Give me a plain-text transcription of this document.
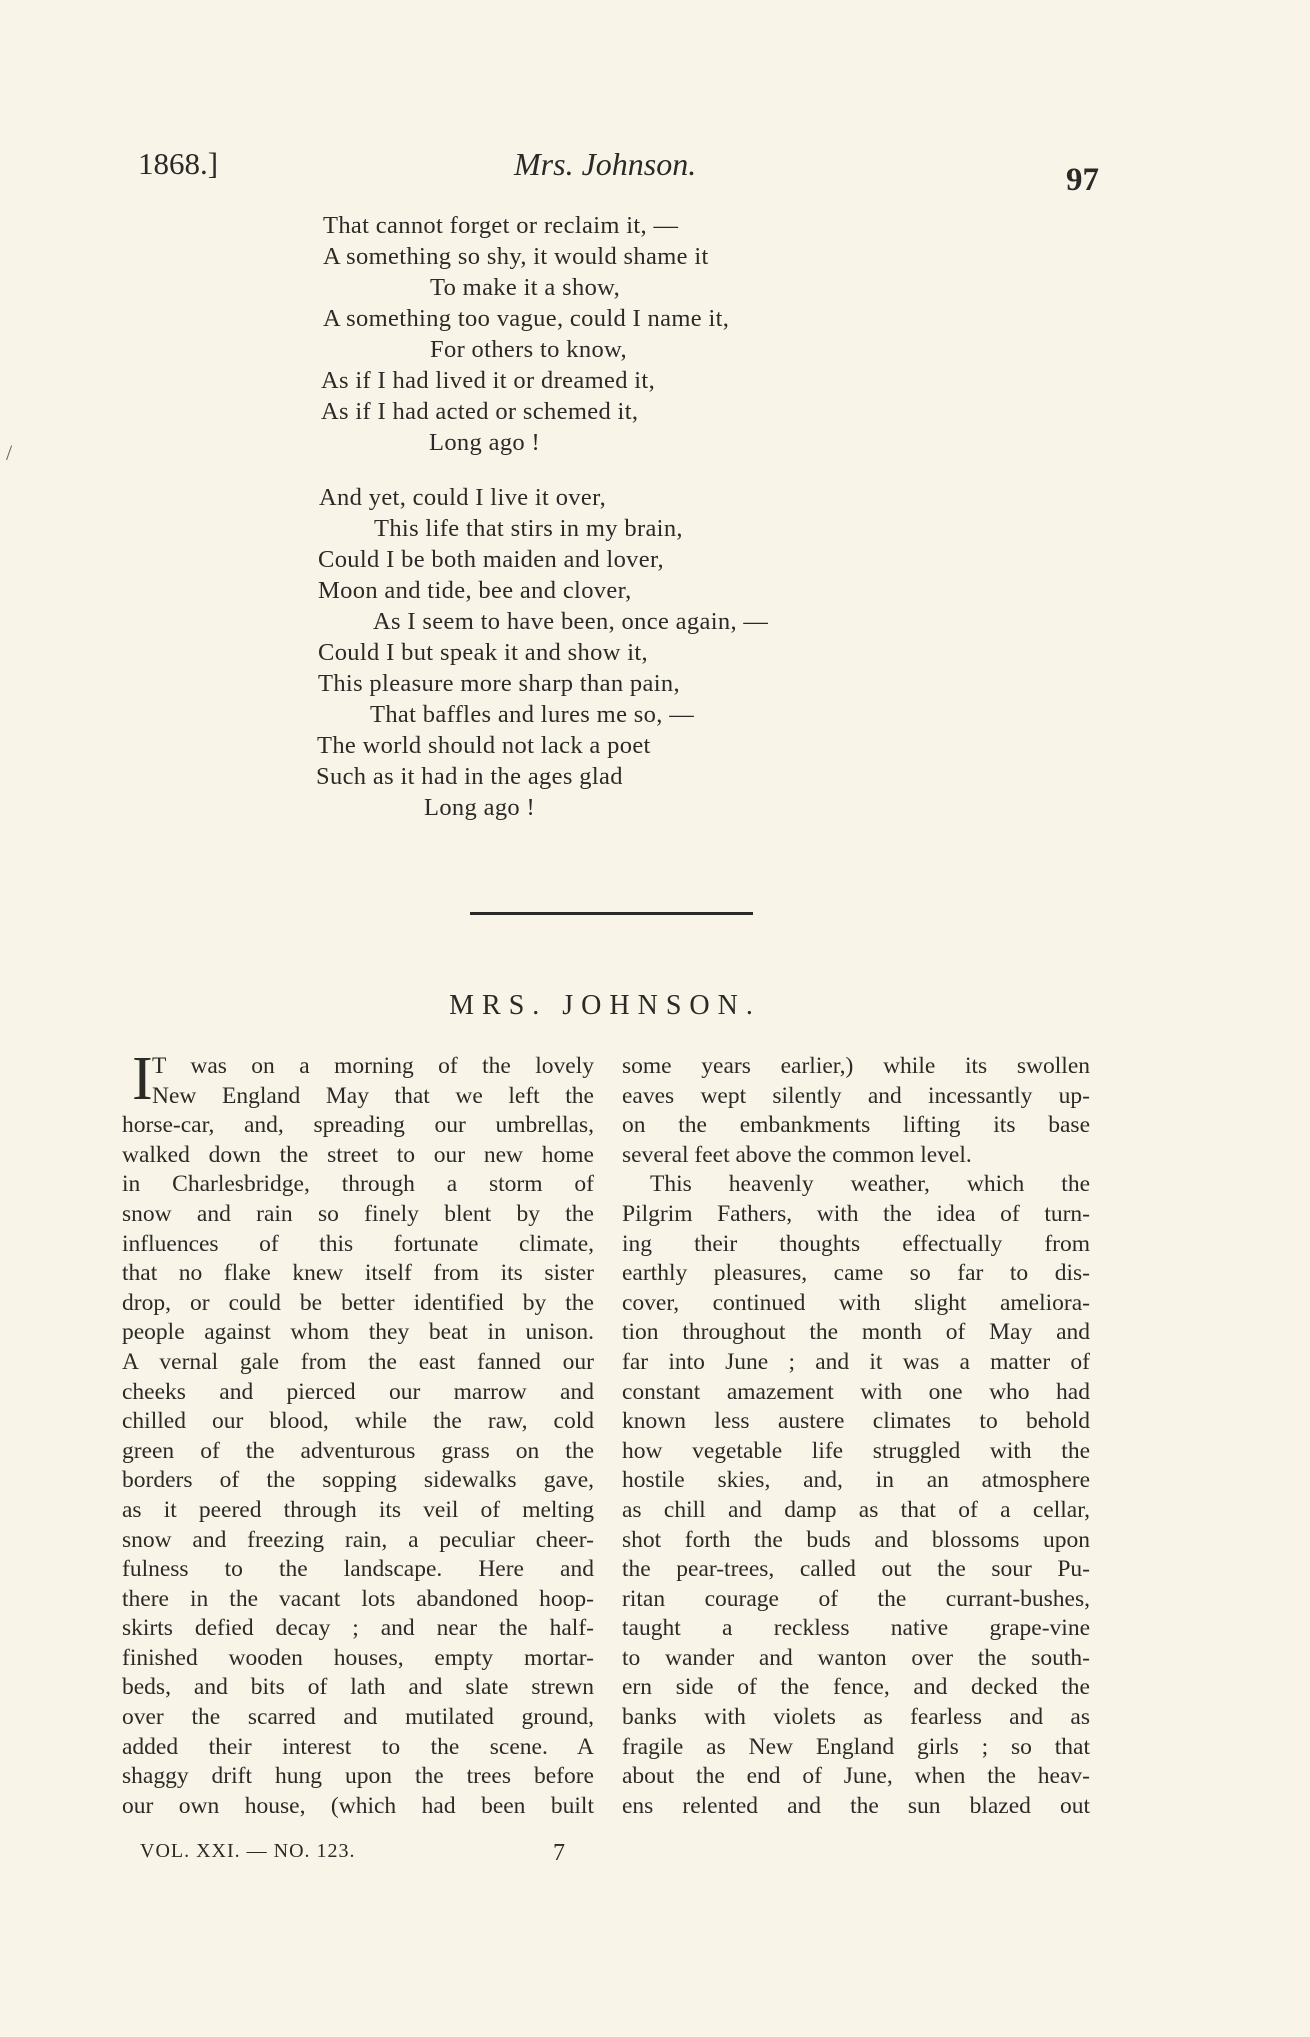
1868.]	Mrs. Johnson.	97
/
That cannot forget or reclaim it, —
A something so shy, it would shame it
To make it a show,
A something too vague, could I name it,
For others to know,
As if I had lived it or dreamed it,
As if I had acted or schemed it,
Long ago !
And yet, could I live it over,
This life that stirs in my brain,
Could I be both maiden and lover,
Moon and tide, bee and clover,
As I seem to have been, once again, —
Could I but speak it and show it,
This pleasure more sharp than pain,
That baffles and lures me so, —
The world should not lack a poet
Such as it had in the ages glad
Long ago !
MRS. JOHNSON.
I T was on a morning of the lovely
New England May that we left the
horse-car, and, spreading our umbrellas,
walked down the street to our new home
in Charlesbridge, through a storm of
snow and rain so finely blent by the
influences of this fortunate climate,
that no flake knew itself from its sister
drop, or could be better identified by the
people against whom they beat in unison.
A vernal gale from the east fanned our
cheeks and pierced our marrow and
chilled our blood, while the raw, cold
green of the adventurous grass on the
borders of the sopping sidewalks gave,
as it peered through its veil of melting
snow and freezing rain, a peculiar cheer-
fulness to the landscape. Here and
there in the vacant lots abandoned hoop-
skirts defied decay ; and near the half-
finished wooden houses, empty mortar-
beds, and bits of lath and slate strewn
over the scarred and mutilated ground,
added their interest to the scene. A
shaggy drift hung upon the trees before
our own house, (which had been built
some years earlier,) while its swollen
eaves wept silently and incessantly up-
on the embankments lifting its base
several feet above the common level.
This heavenly weather, which the
Pilgrim Fathers, with the idea of turn-
ing their thoughts effectually from
earthly pleasures, came so far to dis-
cover, continued with slight ameliora-
tion throughout the month of May and
far into June ; and it was a matter of
constant amazement with one who had
known less austere climates to behold
how vegetable life struggled with the
hostile skies, and, in an atmosphere
as chill and damp as that of a cellar,
shot forth the buds and blossoms upon
the pear-trees, called out the sour Pu-
ritan courage of the currant-bushes,
taught a reckless native grape-vine
to wander and wanton over the south-
ern side of the fence, and decked the
banks with violets as fearless and as
fragile as New England girls ; so that
about the end of June, when the heav-
ens relented and the sun blazed out
VOL. XXI. — NO. 123.	7
